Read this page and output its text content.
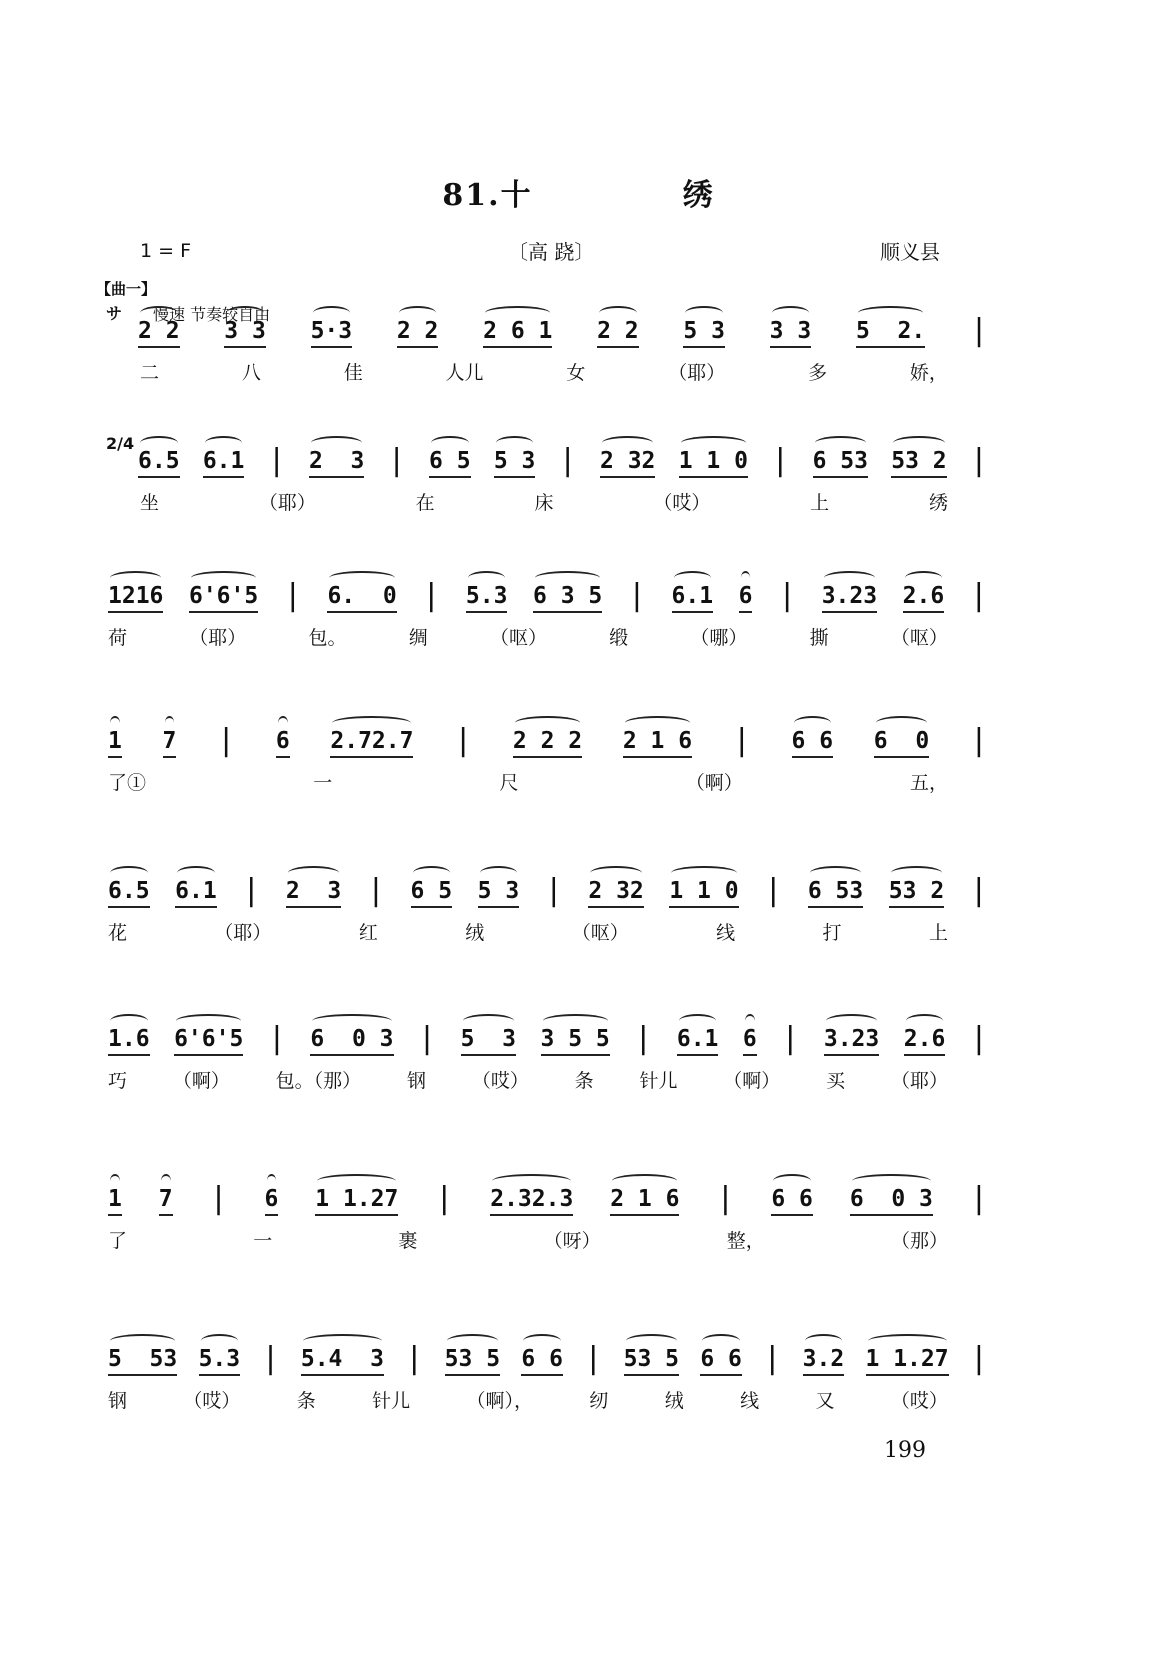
81.十	绣
1 = F	〔高 跷〕	顺义县
【曲一】
慢速 节奏较自由
サ
2 2 3 3 5·3 2 2 2 6 1 2 2 5 3 3 3 5  2. |
二	八	佳	人儿	女	（耶）	多	娇，
2/4
6.5 6.1 | 2  3 | 6 5 5 3 | 2 32 1 1 0 | 6 53 53 2 |
坐	（耶）	在	床	（哎）	上	绣
1216 6'6'5 | 6.  0 | 5.3 6 3 5 | 6.1 6 | 3.23 2.6 |
荷	（耶）	包。	绸	（呕）	缎	（哪）	撕	（呕）
1 7 | 6 2.72.7 | 2 2 2 2 1 6 | 6 6 6  0 |
了①	一	尺	（啊）	五，
6.5 6.1 | 2  3 | 6 5 5 3 | 2 32 1 1 0 | 6 53 53 2 |
花	（耶）	红	绒	（呕）	线	打	上
1.6 6'6'5 | 6  0 3 | 5  3 3 5 5 | 6.1 6 | 3.23 2.6 |
巧 （啊） 包。（那） 钢 （哎） 条 针儿 （啊） 买 （耶）
1 7 | 6 1 1.27 | 2.32.3 2 1 6 | 6 6 6  0 3 |
了	一	裹	（呀）	整，	（那）
5  53 5.3 | 5.4  3 | 53 5 6 6 | 53 5 6 6 | 3.2 1 1.27 |
钢	（哎）	条	针儿	（啊），	纫	绒	线	又	（哎）
199
